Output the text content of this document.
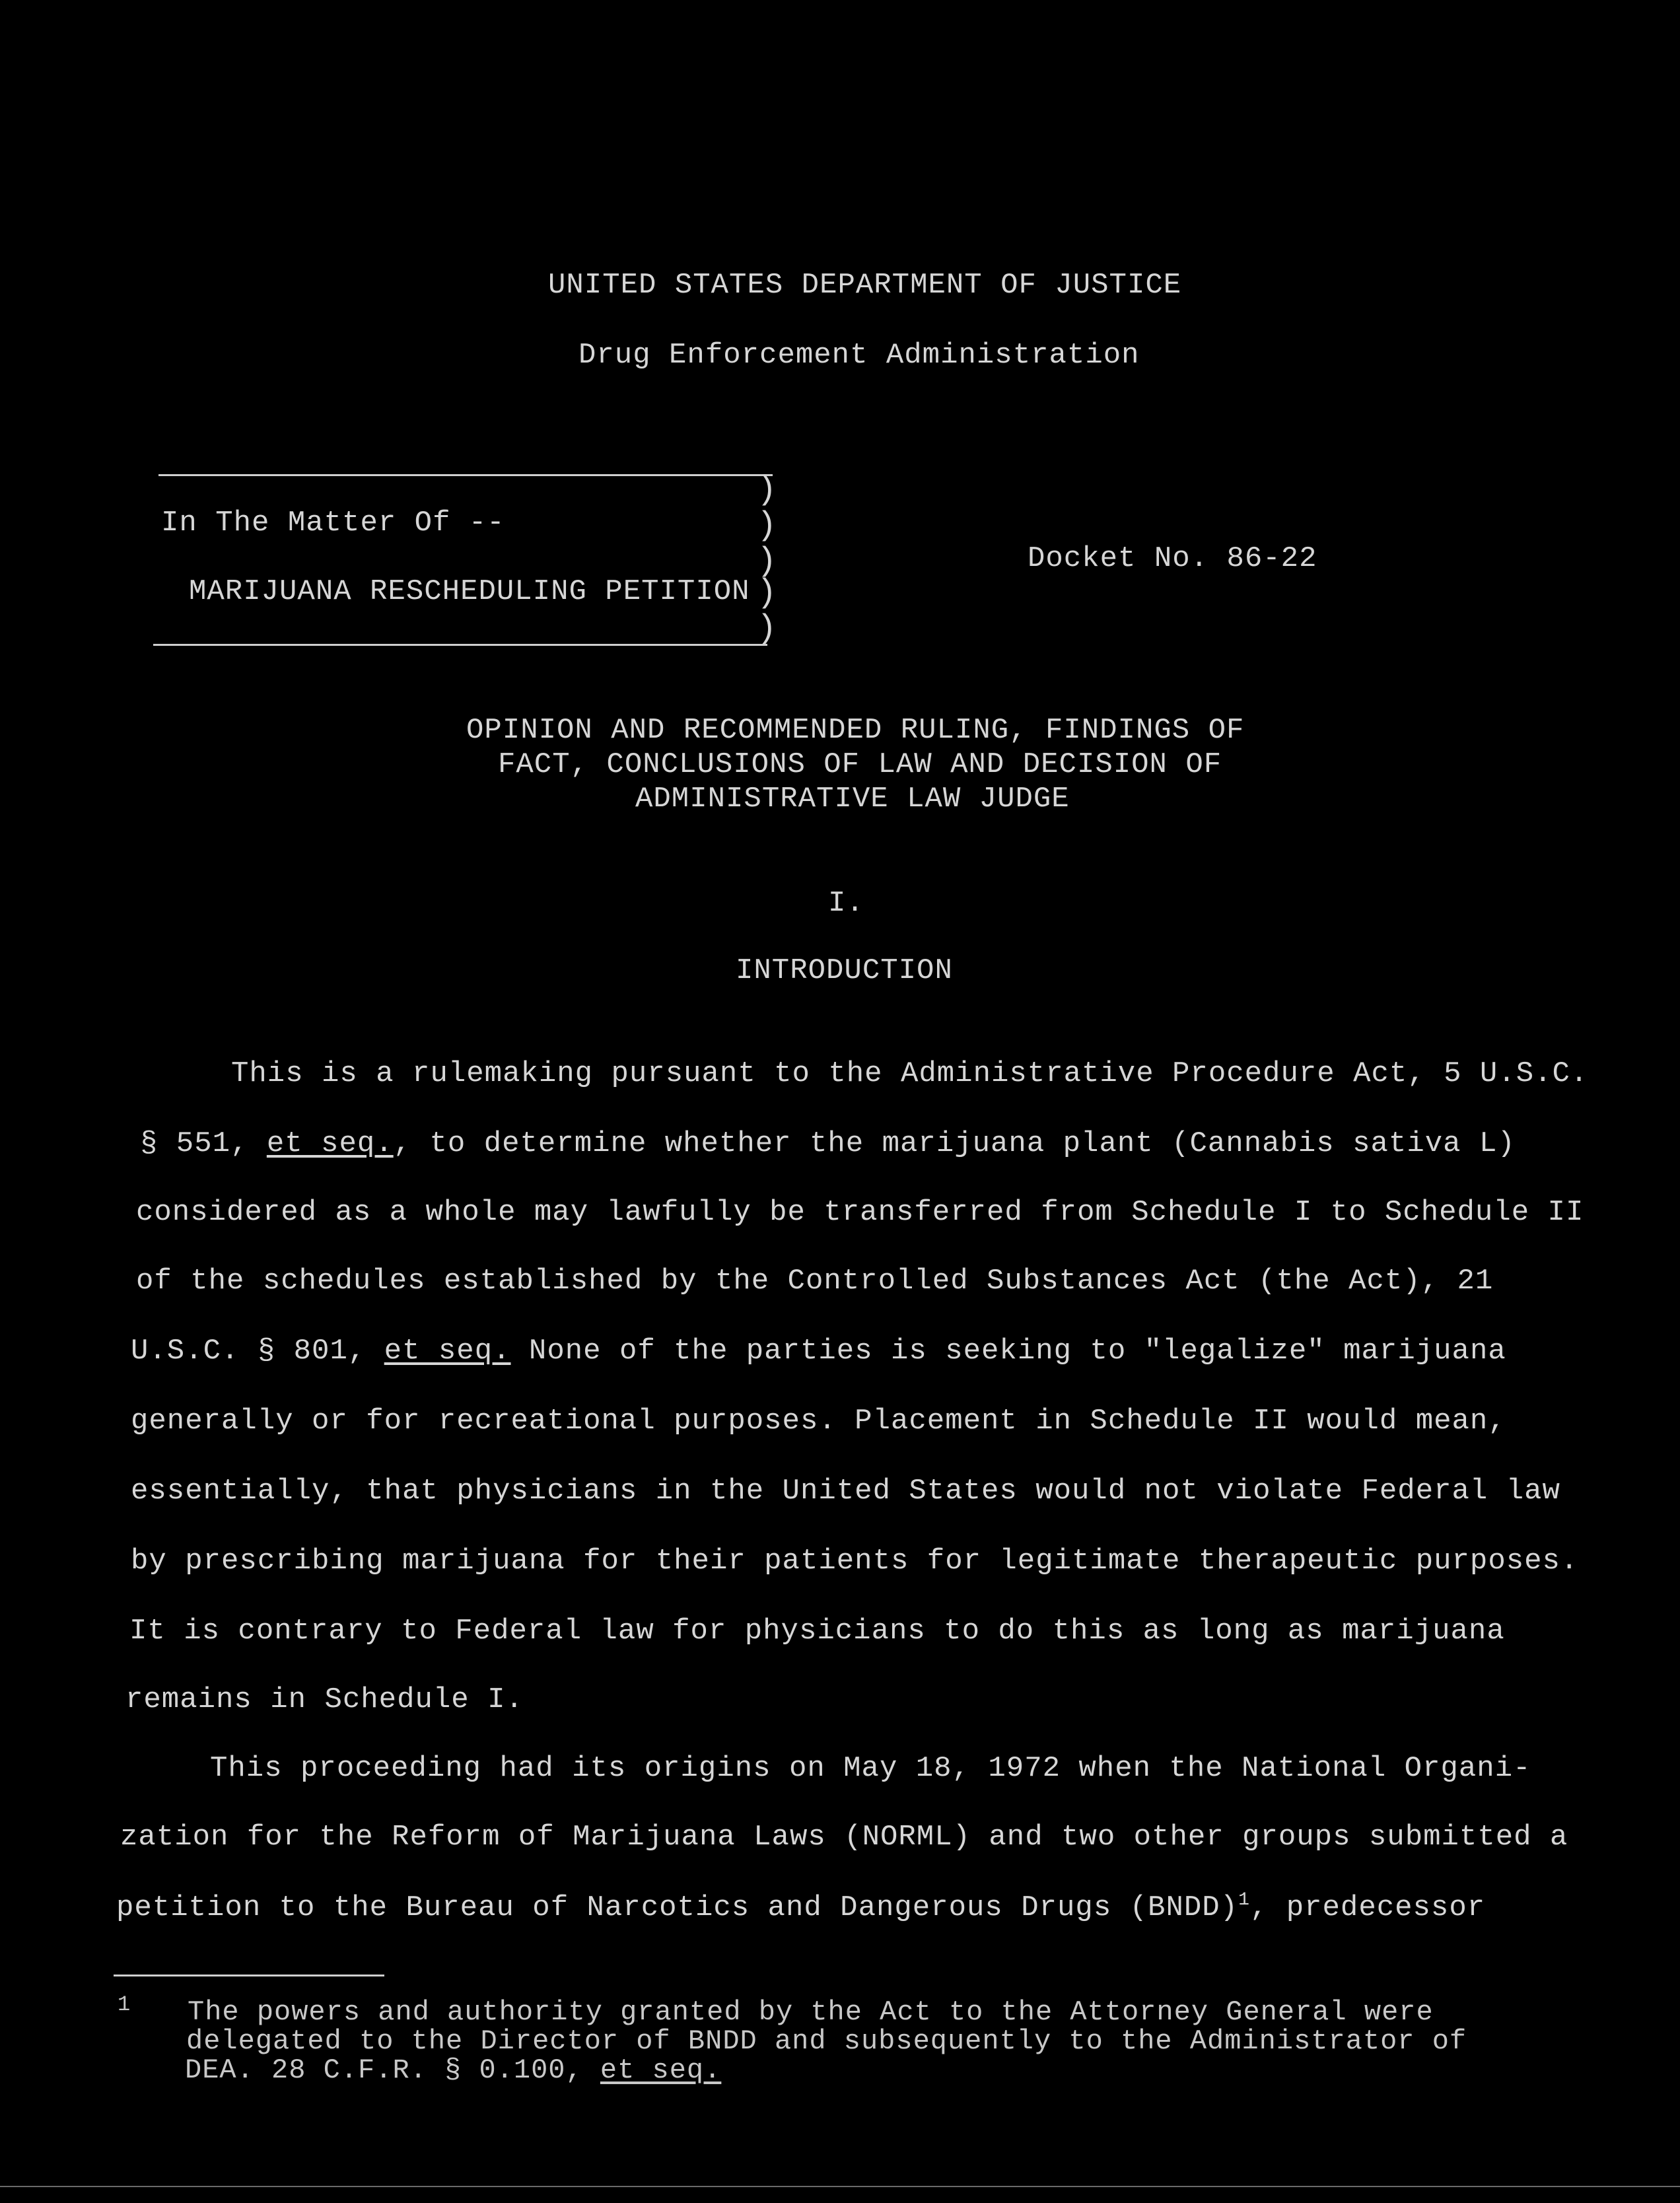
UNITED STATES DEPARTMENT OF JUSTICE
Drug Enforcement Administration
In The Matter Of --
MARIJUANA RESCHEDULING PETITION
)
)
)
)
)
Docket No. 86-22
OPINION AND RECOMMENDED RULING, FINDINGS OF
FACT, CONCLUSIONS OF LAW AND DECISION OF
ADMINISTRATIVE LAW JUDGE
I.
INTRODUCTION
This is a rulemaking pursuant to the Administrative Procedure Act, 5 U.S.C.
§ 551, et seq., to determine whether the marijuana plant (Cannabis sativa L)
considered as a whole may lawfully be transferred from Schedule I to Schedule II
of the schedules established by the Controlled Substances Act (the Act), 21
U.S.C. § 801, et seq. None of the parties is seeking to "legalize" marijuana
generally or for recreational purposes. Placement in Schedule II would mean,
essentially, that physicians in the United States would not violate Federal law
by prescribing marijuana for their patients for legitimate therapeutic purposes.
It is contrary to Federal law for physicians to do this as long as marijuana
remains in Schedule I.
This proceeding had its origins on May 18, 1972 when the National Organi-
zation for the Reform of Marijuana Laws (NORML) and two other groups submitted a
petition to the Bureau of Narcotics and Dangerous Drugs (BNDD)$^1$, predecessor
1 The powers and authority granted by the Act to the Attorney General were
delegated to the Director of BNDD and subsequently to the Administrator of
DEA. 28 C.F.R. § 0.100, et seq.
